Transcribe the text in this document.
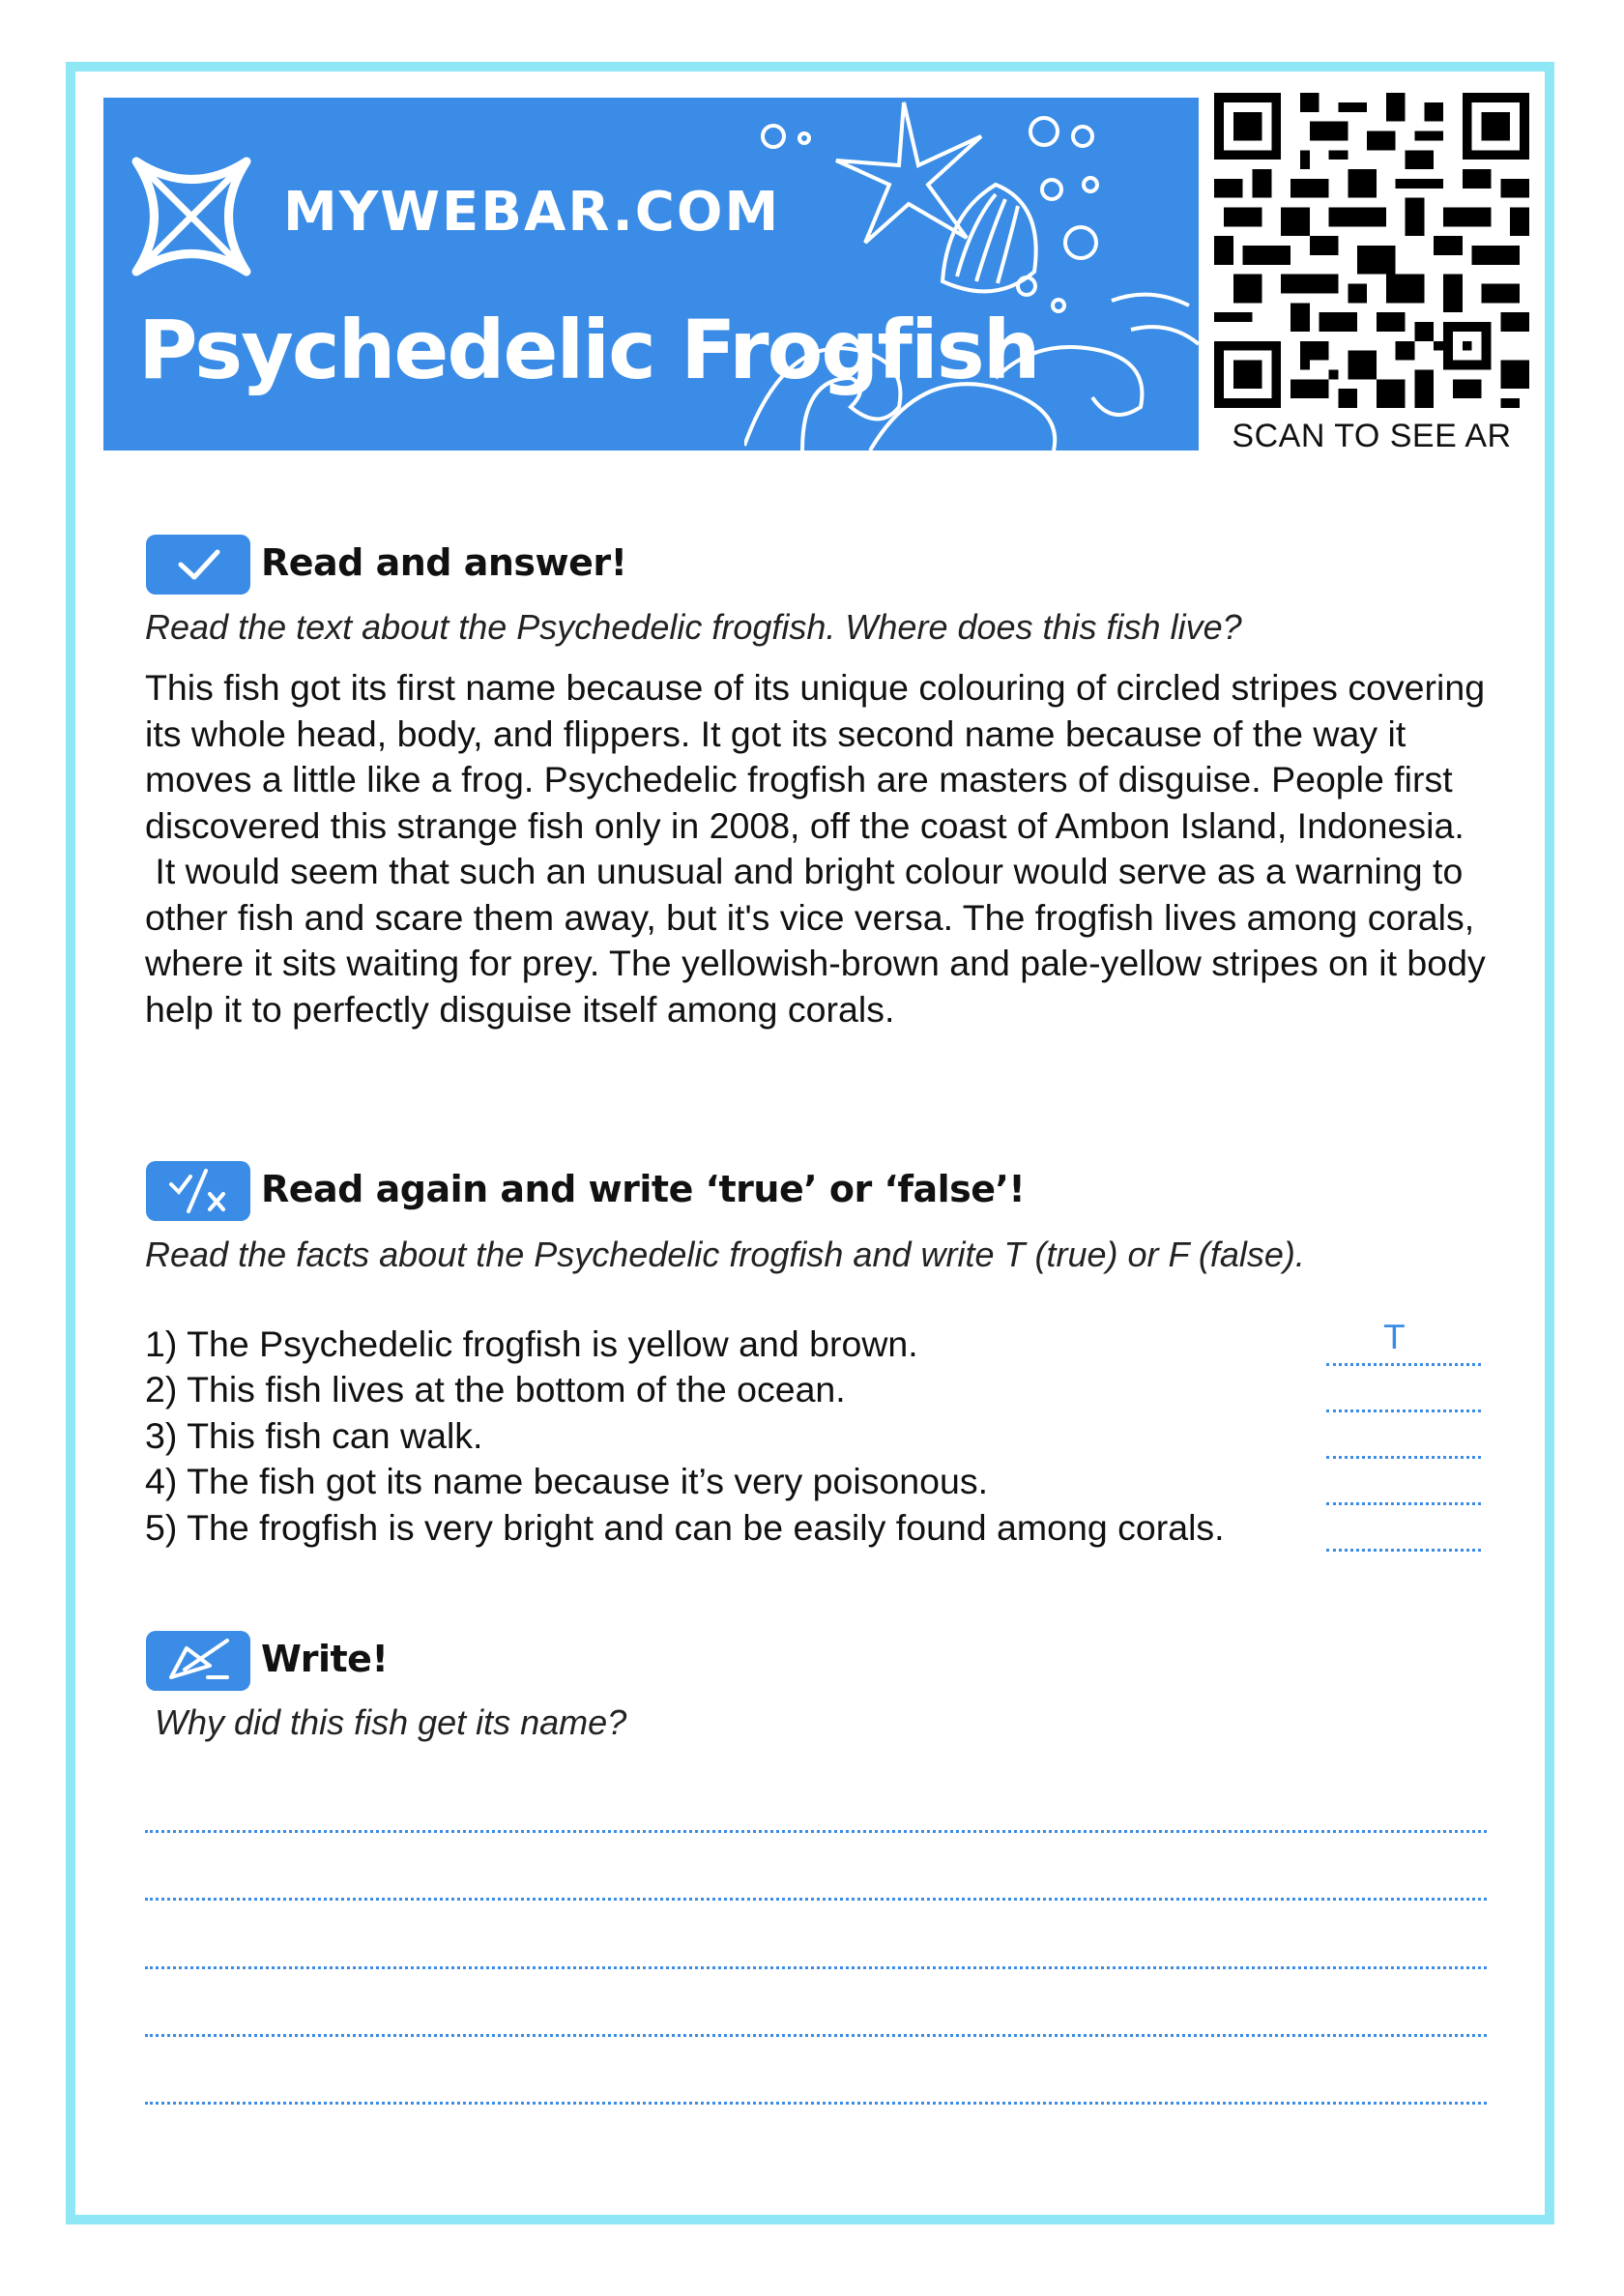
MYWEBAR.COM
Psychedelic Frogfish
SCAN TO SEE AR
Read and answer!
Read the text about the Psychedelic frogfish. Where does this fish live?

This fish got its first name because of its unique colouring of circled stripes covering its whole head, body, and flippers. It got its second name because of the way it moves a little like a frog. Psychedelic frogfish are masters of disguise. People first discovered this strange fish only in 2008, off the coast of Ambon Island, Indonesia.

It would seem that such an unusual and bright colour would serve as a warning to other fish and scare them away, but it's vice versa. The frogfish lives among corals, where it sits waiting for prey. The yellowish-brown and pale-yellow stripes on it body help it to perfectly disguise itself among corals.

Read again and write ‘true’ or ‘false’!
Read the facts about the Psychedelic frogfish and write T (true) or F (false).
1) The Psychedelic frogfish is yellow and brown.
2) This fish lives at the bottom of the ocean.
3) This fish can walk.
4) The fish got its name because it’s very poisonous.
5) The frogfish is very bright and can be easily found among corals.
T
Write!
Why did this fish get its name?
